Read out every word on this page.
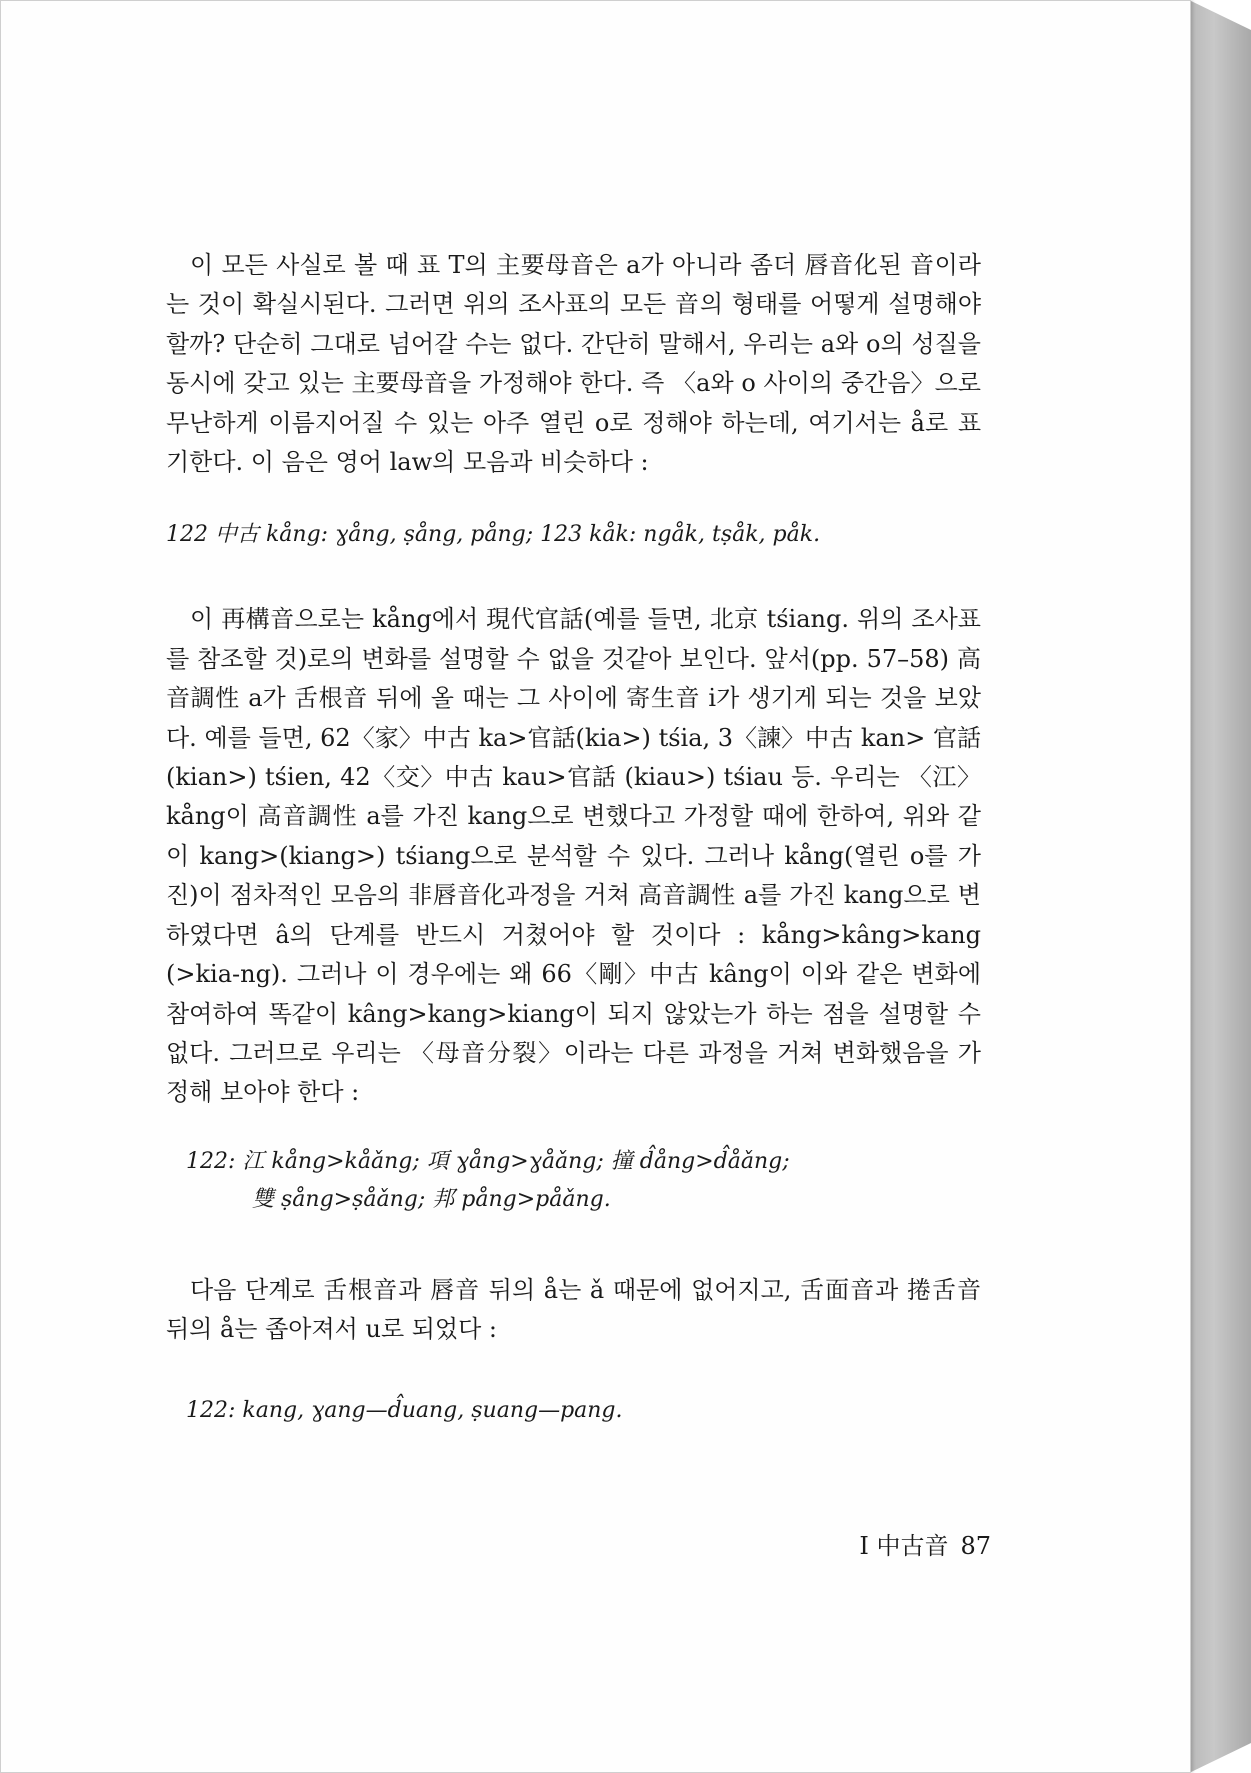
이 모든 사실로 볼 때 표 T의 主要母音은 a가 아니라 좀더 唇音化된 音이라는 것이 확실시된다. 그러면 위의 조사표의 모든 音의 형태를 어떻게 설명해야 할까? 단순히 그대로 넘어갈 수는 없다. 간단히 말해서, 우리는 a와 o의 성질을 동시에 갖고 있는 主要母音을 가정해야 한다. 즉 〈a와 o 사이의 중간음〉으로 무난하게 이름지어질 수 있는 아주 열린 o로 정해야 하는데, 여기서는 å로 표기한다. 이 음은 영어 law의 모음과 비슷하다 :

122 中古 kång: ɣång, ṣång, pång; 123 kåk: ngåk, tṣåk, påk.

이 再構音으로는 kång에서 現代官話(예를 들면, 北京 tśiang. 위의 조사표를 참조할 것)로의 변화를 설명할 수 없을 것같아 보인다. 앞서(pp. 57–58) 高音調性 a가 舌根音 뒤에 올 때는 그 사이에 寄生音 i가 생기게 되는 것을 보았다. 예를 들면, 62〈家〉中古 ka>官話(kia>) tśia, 3〈諫〉中古 kan> 官話(kian>) tśien, 42〈交〉中古 kau>官話 (kiau>) tśiau 등. 우리는 〈江〉kång이 高音調性 a를 가진 kang으로 변했다고 가정할 때에 한하여, 위와 같이 kang>(kiang>) tśiang으로 분석할 수 있다. 그러나 kång(열린 o를 가진)이 점차적인 모음의 非唇音化과정을 거쳐 高音調性 a를 가진 kang으로 변하였다면 â의 단계를 반드시 거쳤어야 할 것이다 : kång>kâng>kang (>kia-ng). 그러나 이 경우에는 왜 66〈剛〉中古 kâng이 이와 같은 변화에 참여하여 똑같이 kâng>kang>kiang이 되지 않았는가 하는 점을 설명할 수 없다. 그러므로 우리는 〈母音分裂〉이라는 다른 과정을 거쳐 변화했음을 가정해 보아야 한다 :

122: 江 kång>kåǎng; 項 ɣång>ɣåǎng; 撞 d̂ång>d̂åǎng;
雙 ṣång>ṣåǎng; 邦 pång>påǎng.

다음 단계로 舌根音과 唇音 뒤의 å는 ǎ 때문에 없어지고, 舌面音과 捲舌音 뒤의 å는 좁아져서 u로 되었다 :

122: kang, ɣang—d̂uang, ṣuang—pang.

I 中古音 87
